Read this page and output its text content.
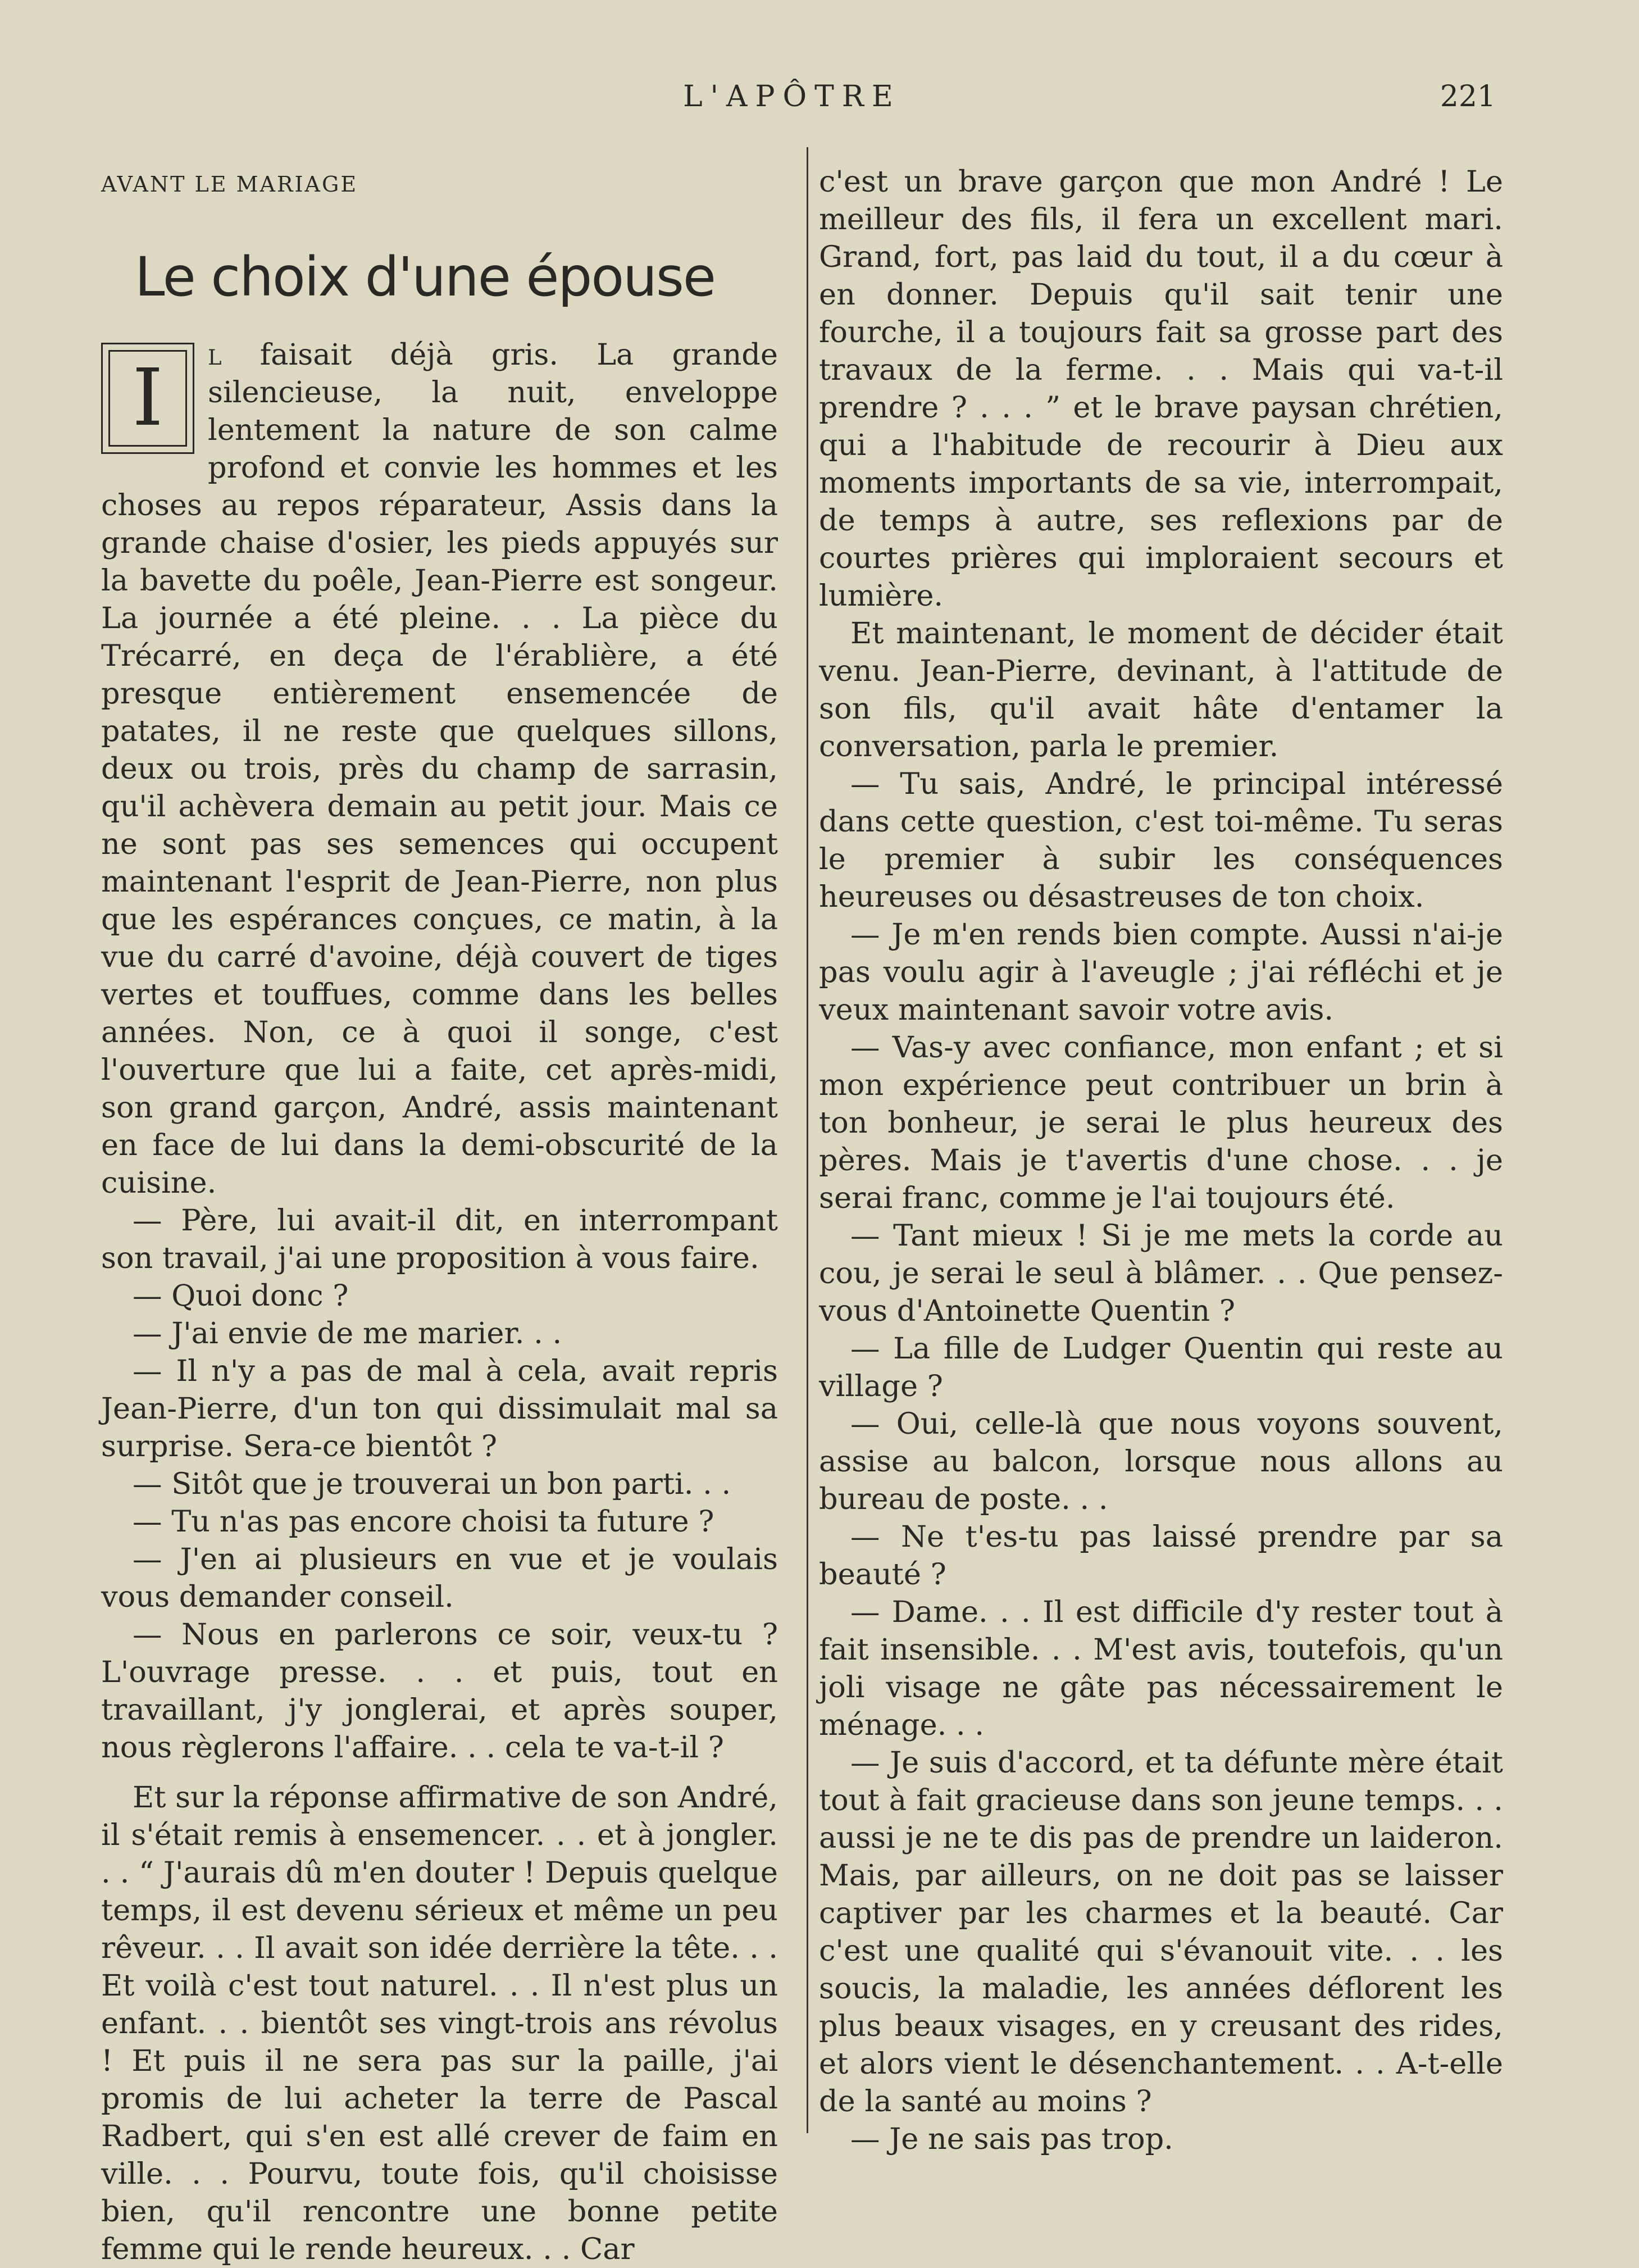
L'APÔTRE	221
AVANT LE MARIAGE
Le choix d'une épouse

I l faisait déjà gris. La grande silencieuse, la nuit, enveloppe lentement la nature de son calme profond et convie les hommes et les choses au repos réparateur, Assis dans la grande chaise d'osier, les pieds appuyés sur la bavette du poêle, Jean-Pierre est songeur. La journée a été pleine. . . La pièce du Trécarré, en deça de l'érablière, a été presque entièrement ensemencée de patates, il ne reste que quelques sillons, deux ou trois, près du champ de sarrasin, qu'il achèvera demain au petit jour. Mais ce ne sont pas ses semences qui occupent maintenant l'esprit de Jean-Pierre, non plus que les espérances conçues, ce matin, à la vue du carré d'avoine, déjà couvert de tiges vertes et touffues, comme dans les belles années. Non, ce à quoi il songe, c'est l'ouverture que lui a faite, cet après-midi, son grand garçon, André, assis maintenant en face de lui dans la demi-obscurité de la cuisine.

— Père, lui avait-il dit, en interrompant son travail, j'ai une proposition à vous faire.

— Quoi donc ?

— J'ai envie de me marier. . .

— Il n'y a pas de mal à cela, avait repris Jean-Pierre, d'un ton qui dissimulait mal sa surprise. Sera-ce bientôt ?

— Sitôt que je trouverai un bon parti. . .

— Tu n'as pas encore choisi ta future ?

— J'en ai plusieurs en vue et je voulais vous demander conseil.

— Nous en parlerons ce soir, veux-tu ? L'ouvrage presse. . . et puis, tout en travaillant, j'y jonglerai, et après souper, nous règlerons l'affaire. . . cela te va-t-il ?

Et sur la réponse affirmative de son André, il s'était remis à ensemencer. . . et à jongler. . . “ J'aurais dû m'en douter ! Depuis quelque temps, il est devenu sérieux et même un peu rêveur. . . Il avait son idée derrière la tête. . . Et voilà c'est tout naturel. . . Il n'est plus un enfant. . . bientôt ses vingt-trois ans révolus ! Et puis il ne sera pas sur la paille, j'ai promis de lui acheter la terre de Pascal Radbert, qui s'en est allé crever de faim en ville. . . Pourvu, toute fois, qu'il choisisse bien, qu'il rencontre une bonne petite femme qui le rende heureux. . . Car

c'est un brave garçon que mon André ! Le meilleur des fils, il fera un excellent mari. Grand, fort, pas laid du tout, il a du cœur à en donner. Depuis qu'il sait tenir une fourche, il a toujours fait sa grosse part des travaux de la ferme. . . Mais qui va-t-il prendre ? . . . ” et le brave paysan chrétien, qui a l'habitude de recourir à Dieu aux moments importants de sa vie, interrompait, de temps à autre, ses reflexions par de courtes prières qui imploraient secours et lumière.

Et maintenant, le moment de décider était venu. Jean-Pierre, devinant, à l'attitude de son fils, qu'il avait hâte d'entamer la conversation, parla le premier.

— Tu sais, André, le principal intéressé dans cette question, c'est toi-même. Tu seras le premier à subir les conséquences heureuses ou désastreuses de ton choix.

— Je m'en rends bien compte. Aussi n'ai-je pas voulu agir à l'aveugle ; j'ai réfléchi et je veux maintenant savoir votre avis.

— Vas-y avec confiance, mon enfant ; et si mon expérience peut contribuer un brin à ton bonheur, je serai le plus heureux des pères. Mais je t'avertis d'une chose. . . je serai franc, comme je l'ai toujours été.

— Tant mieux ! Si je me mets la corde au cou, je serai le seul à blâmer. . . Que pensez-vous d'Antoinette Quentin ?

— La fille de Ludger Quentin qui reste au village ?

— Oui, celle-là que nous voyons souvent, assise au balcon, lorsque nous allons au bureau de poste. . .

— Ne t'es-tu pas laissé prendre par sa beauté ?

— Dame. . . Il est difficile d'y rester tout à fait insensible. . . M'est avis, toutefois, qu'un joli visage ne gâte pas nécessairement le ménage. . .

— Je suis d'accord, et ta défunte mère était tout à fait gracieuse dans son jeune temps. . . aussi je ne te dis pas de prendre un laideron. Mais, par ailleurs, on ne doit pas se laisser captiver par les charmes et la beauté. Car c'est une qualité qui s'évanouit vite. . . les soucis, la maladie, les années déflorent les plus beaux visages, en y creusant des rides, et alors vient le désenchantement. . . A-t-elle de la santé au moins ?

— Je ne sais pas trop.
